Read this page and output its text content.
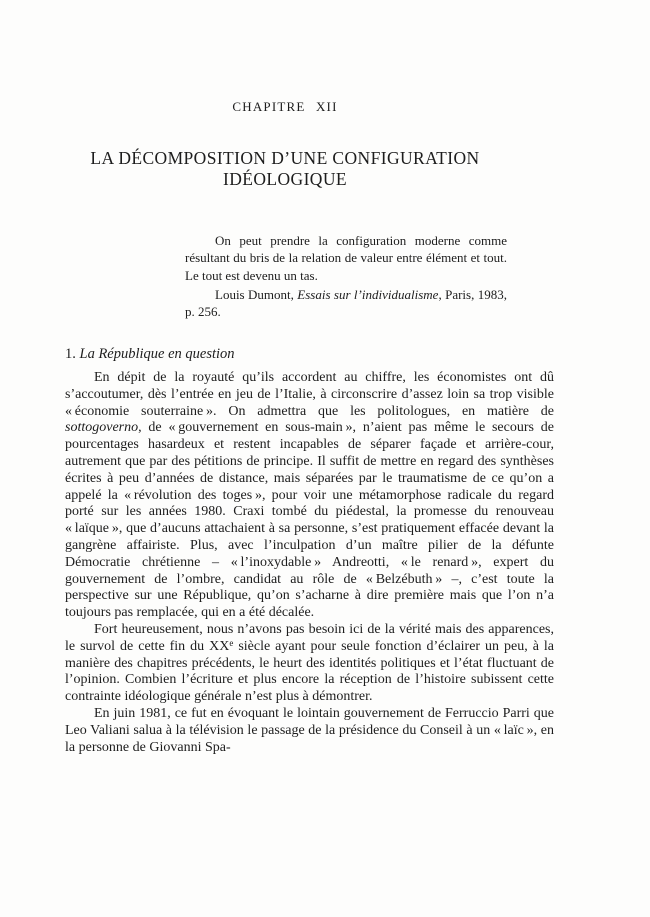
CHAPITRE XII
LA DÉCOMPOSITION D’UNE CONFIGURATION
IDÉOLOGIQUE

On peut prendre la configuration moderne comme résultant du bris de la relation de valeur entre élément et tout. Le tout est devenu un tas.

Louis Dumont, Essais sur l’individualisme, Paris, 1983, p. 256.

1. La République en question

En dépit de la royauté qu’ils accordent au chiffre, les économistes ont dû s’accoutumer, dès l’entrée en jeu de l’Italie, à circonscrire d’assez loin sa trop visible « économie souterraine ». On admettra que les politologues, en matière de sottogoverno, de « gouvernement en sous-main », n’aient pas même le secours de pourcentages hasardeux et restent incapables de séparer façade et arrière-cour, autrement que par des pétitions de principe. Il suffit de mettre en regard des synthèses écrites à peu d’années de distance, mais séparées par le traumatisme de ce qu’on a appelé la « révolution des toges », pour voir une métamorphose radicale du regard porté sur les années 1980. Craxi tombé du piédestal, la promesse du renouveau « laïque », que d’aucuns attachaient à sa personne, s’est pratiquement effacée devant la gangrène affairiste. Plus, avec l’inculpation d’un maître pilier de la défunte Démocratie chrétienne – « l’inoxydable » Andreotti, « le renard », expert du gouvernement de l’ombre, candidat au rôle de « Belzébuth » –, c’est toute la perspective sur une République, qu’on s’acharne à dire première mais que l’on n’a toujours pas remplacée, qui en a été décalée.

Fort heureusement, nous n’avons pas besoin ici de la vérité mais des apparences, le survol de cette fin du XXe siècle ayant pour seule fonction d’éclairer un peu, à la manière des chapitres précédents, le heurt des identités politiques et l’état fluctuant de l’opinion. Combien l’écriture et plus encore la réception de l’histoire subissent cette contrainte idéologique générale n’est plus à démontrer.

En juin 1981, ce fut en évoquant le lointain gouvernement de Ferruccio Parri que Leo Valiani salua à la télévision le passage de la présidence du Conseil à un « laïc », en la personne de Giovanni Spa-
